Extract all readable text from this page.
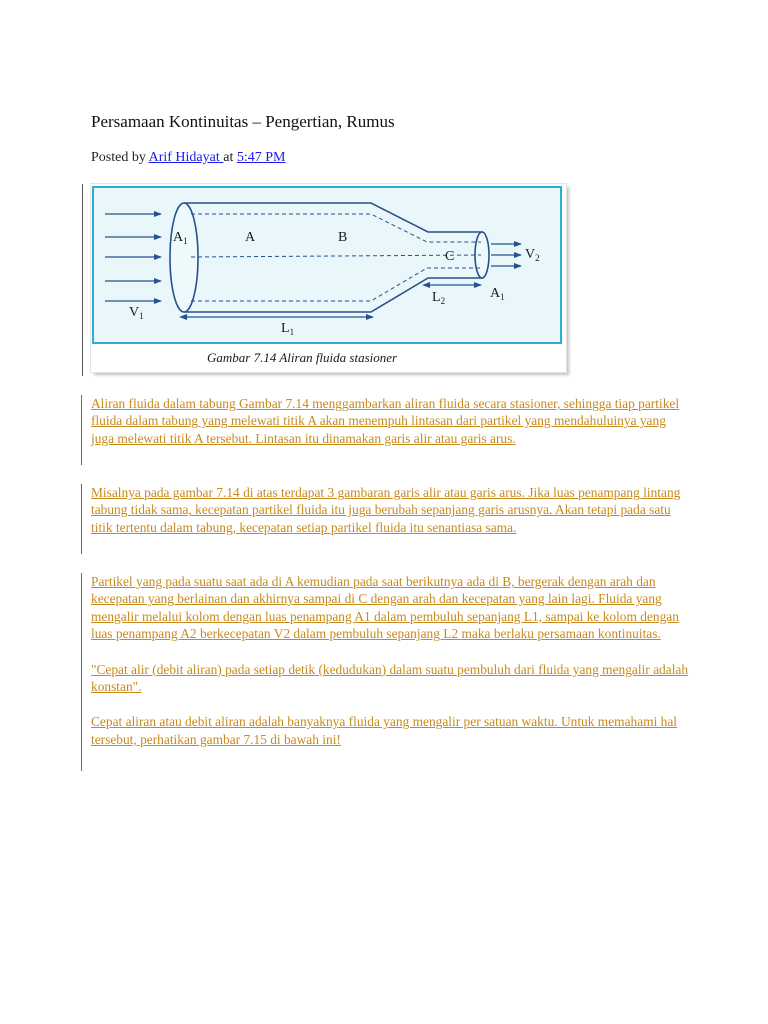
Persamaan Kontinuitas – Pengertian, Rumus
Posted by Arif Hidayat at 5:47 PM
$A_1$	A	B
C	$V_2$
$V_1$
$L_2$	$A_1$
$L_1$
Gambar 7.14 Aliran fluida stasioner

Aliran fluida dalam tabung Gambar 7.14 menggambarkan aliran fluida secara stasioner, sehingga tiap partikel fluida dalam tabung yang melewati titik A akan menempuh lintasan dari partikel yang mendahuluinya yang juga melewati titik A tersebut. Lintasan itu dinamakan garis alir atau garis arus.

Misalnya pada gambar 7.14 di atas terdapat 3 gambaran garis alir atau garis arus. Jika luas penampang lintang tabung tidak sama, kecepatan partikel fluida itu juga berubah sepanjang garis arusnya. Akan tetapi pada satu titik tertentu dalam tabung, kecepatan setiap partikel fluida itu senantiasa sama.

Partikel yang pada suatu saat ada di A kemudian pada saat berikutnya ada di B, bergerak dengan arah dan kecepatan yang berlainan dan akhirnya sampai di C dengan arah dan kecepatan yang lain lagi. Fluida yang mengalir melalui kolom dengan luas penampang A1 dalam pembuluh sepanjang L1, sampai ke kolom dengan luas penampang A2 berkecepatan V2 dalam pembuluh sepanjang L2 maka berlaku persamaan kontinuitas.

"Cepat alir (debit aliran) pada setiap detik (kedudukan) dalam suatu pembuluh dari fluida yang mengalir adalah konstan".

Cepat aliran atau debit aliran adalah banyaknya fluida yang mengalir per satuan waktu. Untuk memahami hal tersebut, perhatikan gambar 7.15 di bawah ini!
